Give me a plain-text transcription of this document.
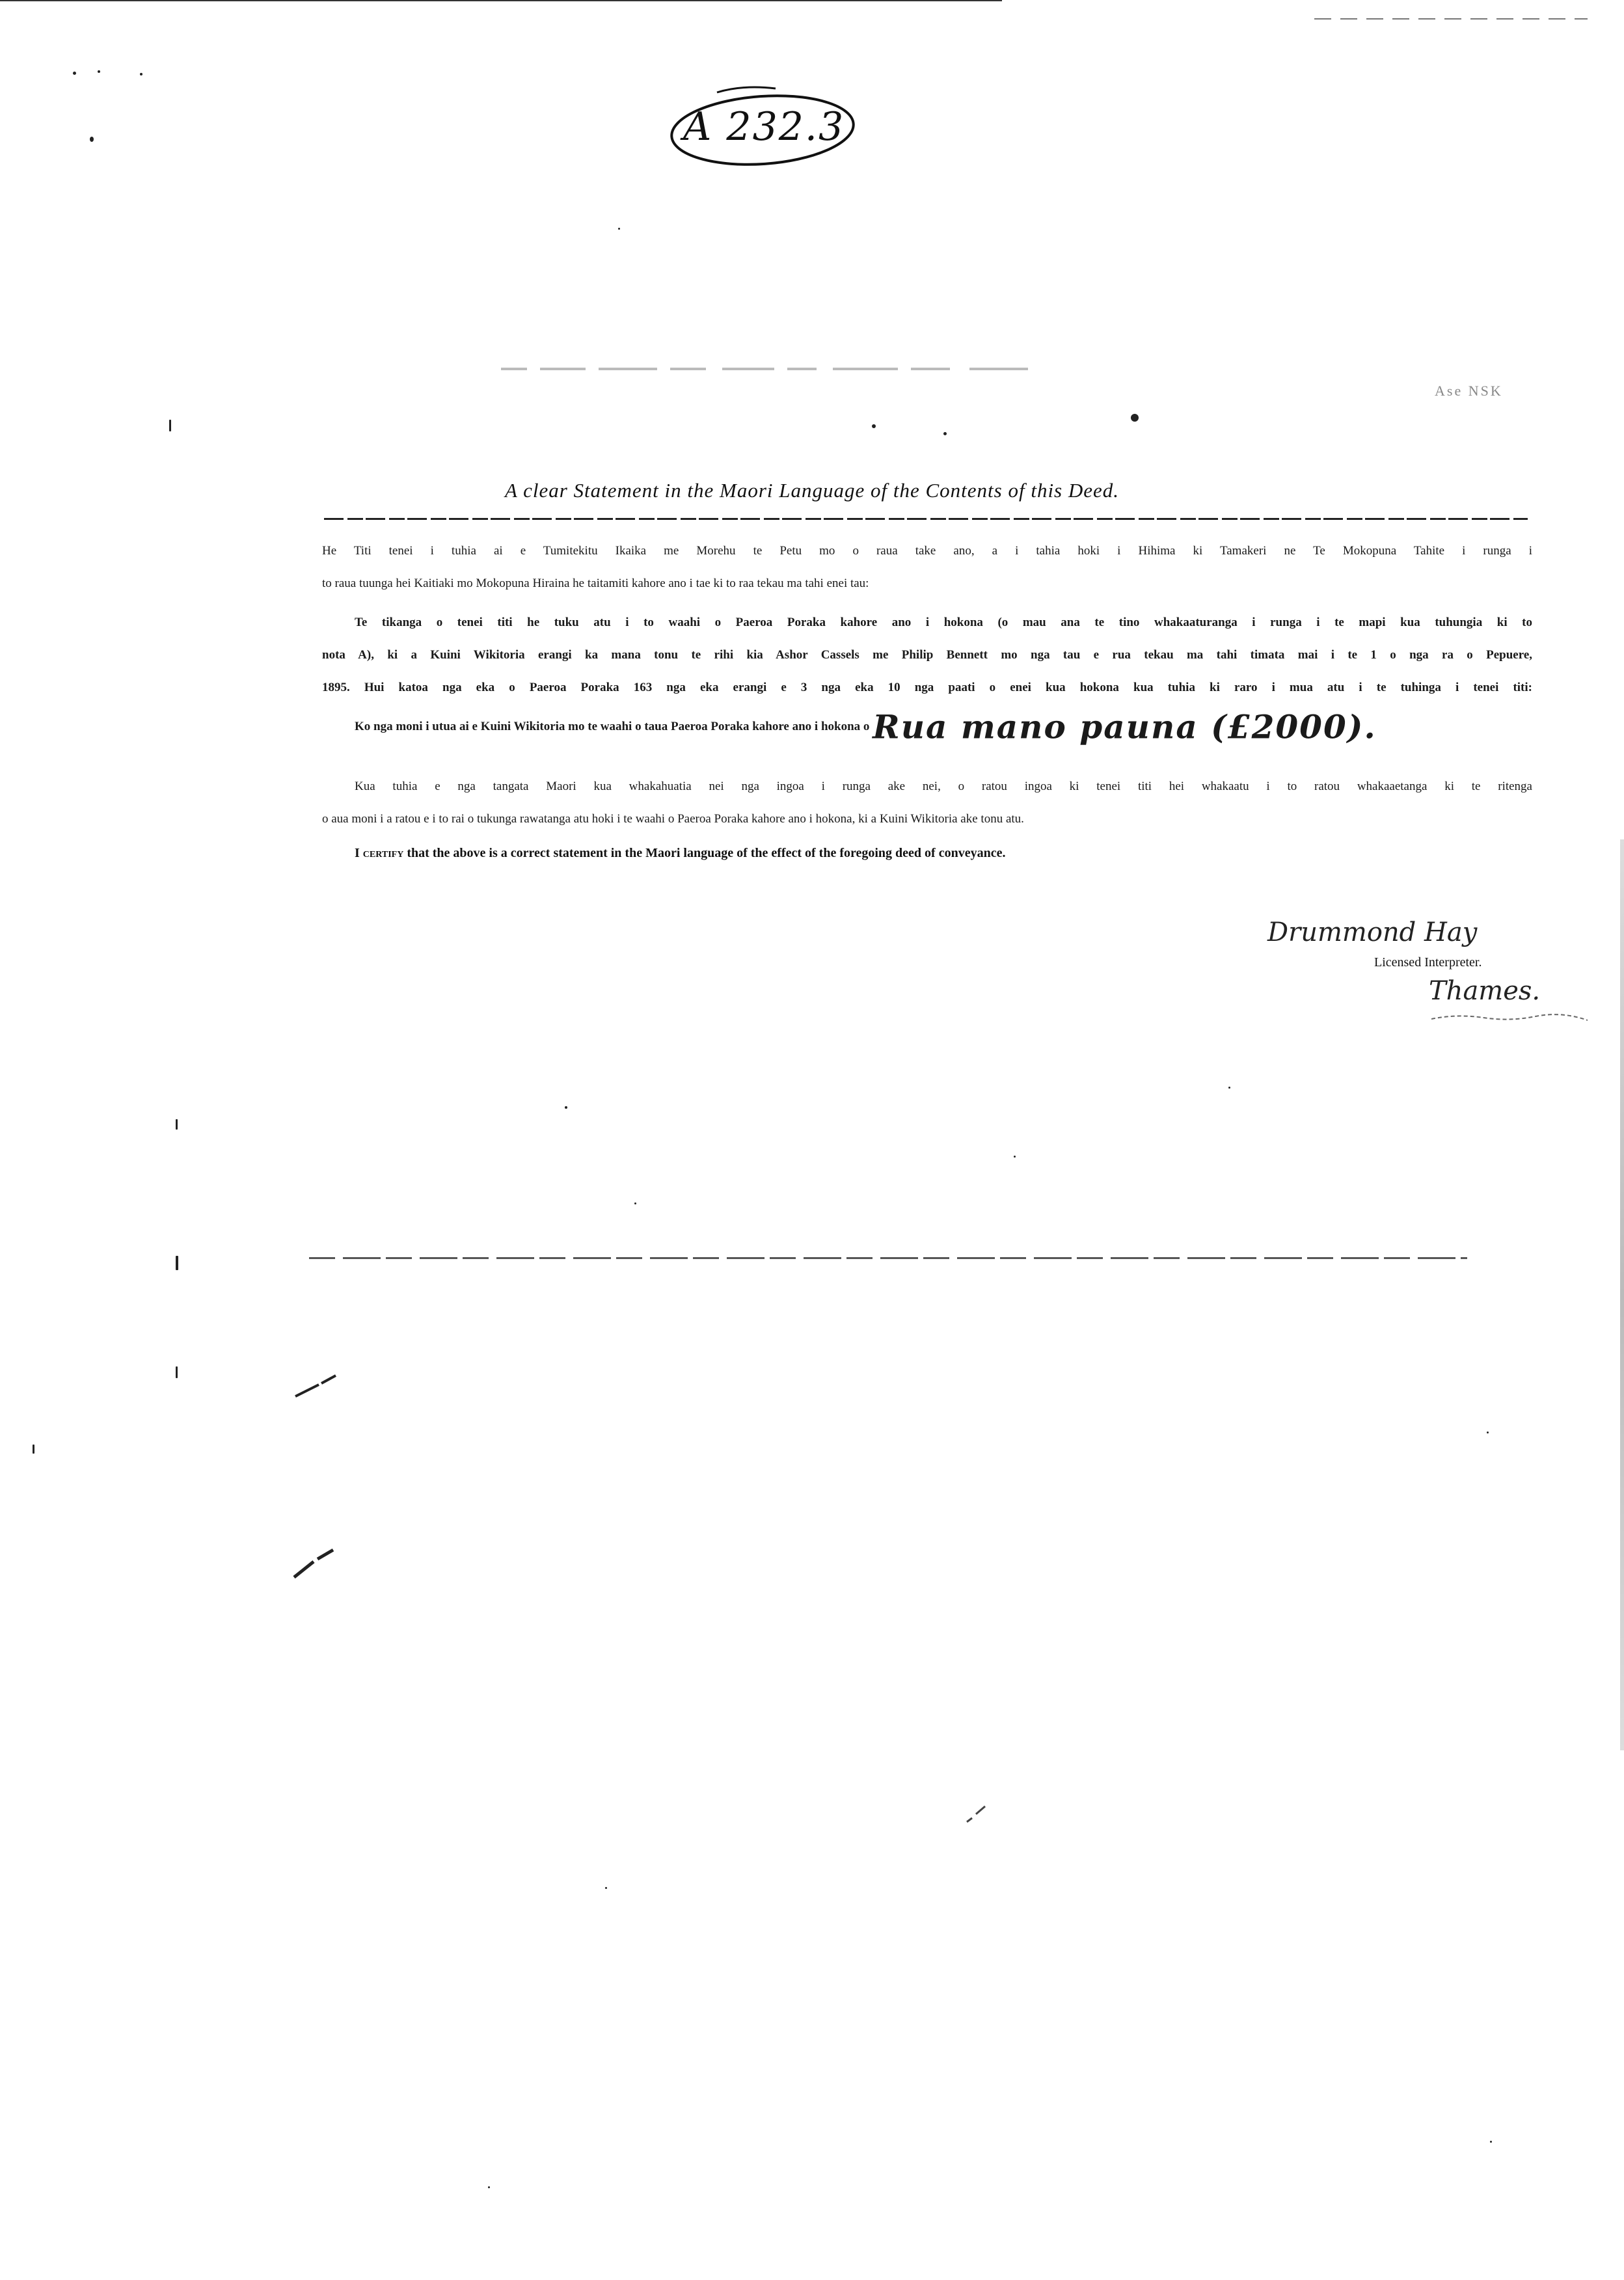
A 232.3
Ase NSK
A clear Statement in the Maori Language of the Contents of this Deed.
He Titi tenei i tuhia ai e Tumitekitu Ikaika me Morehu te Petu mo o raua take ano, a i tahia hoki i Hihima ki Tamakeri ne Te Mokopuna Tahite i runga i
to raua tuunga hei Kaitiaki mo Mokopuna Hiraina he taitamiti kahore ano i tae ki to raa tekau ma tahi enei tau:
Te tikanga o tenei titi he tuku atu i to waahi o Paeroa Poraka kahore ano i hokona (o mau ana te tino whakaaturanga i runga i te mapi kua tuhungia ki to
nota A), ki a Kuini Wikitoria erangi ka mana tonu te rihi kia Ashor Cassels me Philip Bennett mo nga tau e rua tekau ma tahi timata mai i te 1 o nga ra o Pepuere,
1895. Hui katoa nga eka o Paeroa Poraka 163 nga eka erangi e 3 nga eka 10 nga paati o enei kua hokona kua tuhia ki raro i mua atu i te tuhinga i tenei titi:
Ko nga moni i utua ai e Kuini Wikitoria mo te waahi o taua Paeroa Poraka kahore ano i hokona o Rua mano pauna (£2000).
Kua tuhia e nga tangata Maori kua whakahuatia nei nga ingoa i runga ake nei, o ratou ingoa ki tenei titi hei whakaatu i to ratou whakaaetanga ki te ritenga
o aua moni i a ratou e i to rai o tukunga rawatanga atu hoki i te waahi o Paeroa Poraka kahore ano i hokona, ki a Kuini Wikitoria ake tonu atu.
I certify that the above is a correct statement in the Maori language of the effect of the foregoing deed of conveyance.
Drummond Hay
Licensed Interpreter.
Thames.
